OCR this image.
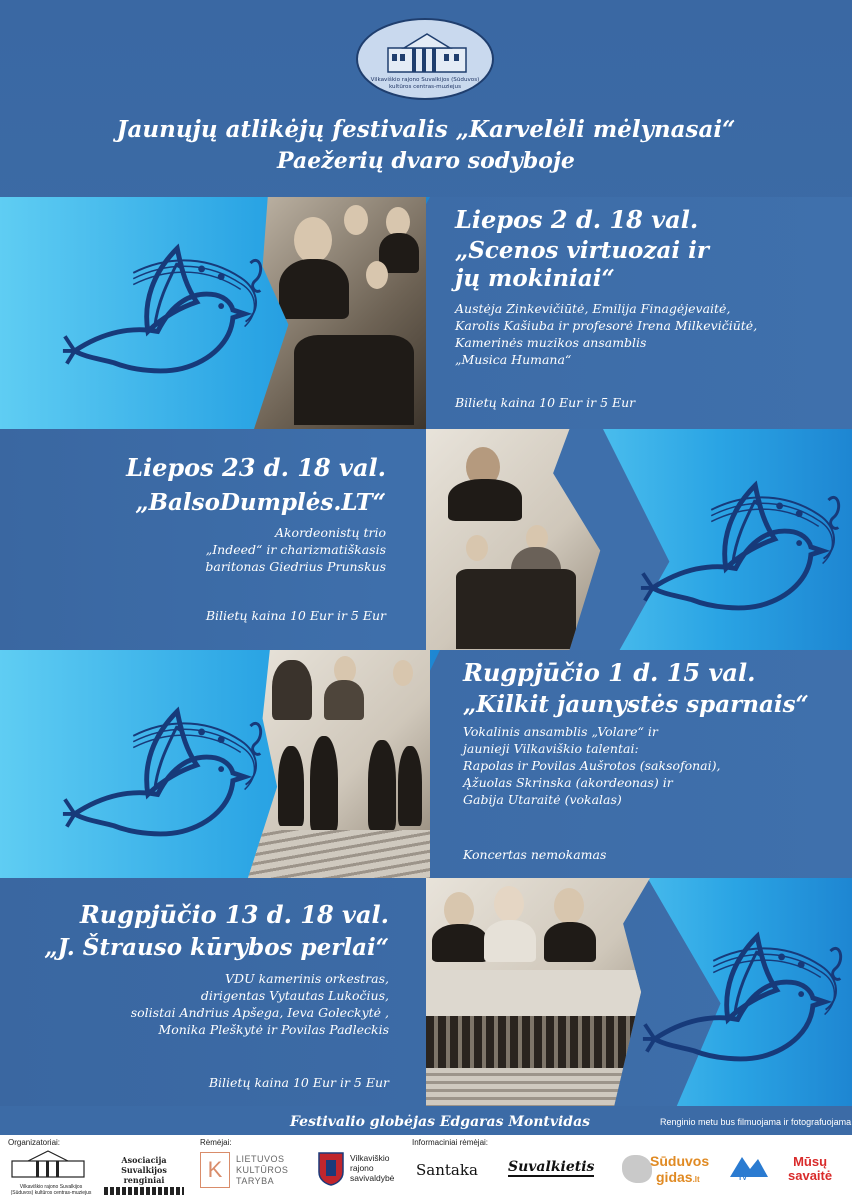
Vilkaviškio rajono Suvalkijos (Sūduvos)
kultūros centras-muziejus
Jaunųjų atlikėjų festivalis „Karvelėli mėlynasai“
Paežerių dvaro sodyboje
Liepos 2 d. 18 val.
„Scenos virtuozai ir
jų mokiniai“
Austėja Zinkevičiūtė, Emilija Finagėjevaitė,
Karolis Kašiuba ir profesorė Irena Milkevičiūtė,
Kamerinės muzikos ansamblis
„Musica Humana“
Bilietų kaina 10 Eur ir 5 Eur
Liepos 23 d. 18 val.
„BalsoDumplės.LT“
Akordeonistų trio
„Indeed“ ir charizmatiškasis
baritonas Giedrius Prunskus
Bilietų kaina 10 Eur ir 5 Eur
Rugpjūčio 1 d. 15 val.
„Kilkit jaunystės sparnais“
Vokalinis ansamblis „Volare“ ir
jaunieji Vilkaviškio talentai:
Rapolas ir Povilas Aušrotos (saksofonai),
Ąžuolas Skrinska (akordeonas) ir
Gabija Utaraitė (vokalas)
Koncertas nemokamas
Rugpjūčio 13 d. 18 val.
„J. Štrauso kūrybos perlai“
VDU kamerinis orkestras,
dirigentas Vytautas Lukočius,
solistai Andrius Apšega, Ieva Goleckytė ,
Monika Pleškytė ir Povilas Padleckis
Bilietų kaina 10 Eur ir 5 Eur
Festivalio globėjas Edgaras Montvidas	Renginio metu bus filmuojama ir fotografuojama
Organizatoriai:	Rėmėjai:	Informaciniai rėmėjai:
Vilkaviškio rajono Suvalkijos (Sūduvos) kultūros centras-muziejus
Asociacija
Suvalkijos renginiai	K	LIETUVOS
KULTŪROS
TARYBA
Vilkaviškio
rajono
savivaldybė Santaka Suvalkietis	Sūduvos
gidas.lt	TV
Mūsų
savaitė
